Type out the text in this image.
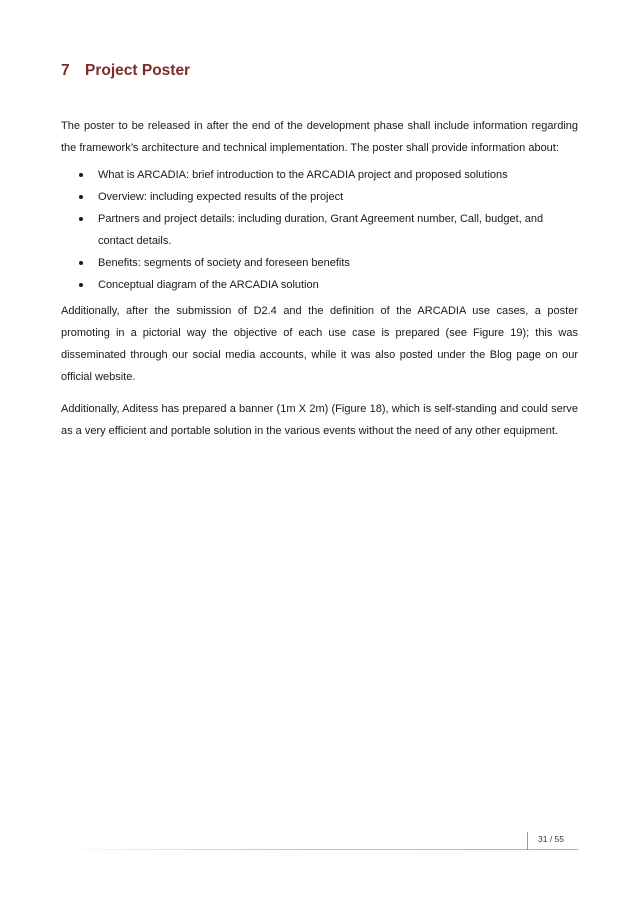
7 Project Poster

The poster to be released in after the end of the development phase shall include information regarding the framework’s architecture and technical implementation. The poster shall provide information about:

What is ARCADIA: brief introduction to the ARCADIA project and proposed solutions
Overview: including expected results of the project
Partners and project details: including duration, Grant Agreement number, Call, budget, and contact details.
Benefits: segments of society and foreseen benefits
Conceptual diagram of the ARCADIA solution

Additionally, after the submission of D2.4 and the definition of the ARCADIA use cases, a poster promoting in a pictorial way the objective of each use case is prepared (see Figure 19); this was disseminated through our social media accounts, while it was also posted under the Blog page on our official website.

Additionally, Aditess has prepared a banner (1m X 2m) (Figure 18), which is self-standing and could serve as a very efficient and portable solution in the various events without the need of any other equipment.

31 / 55
